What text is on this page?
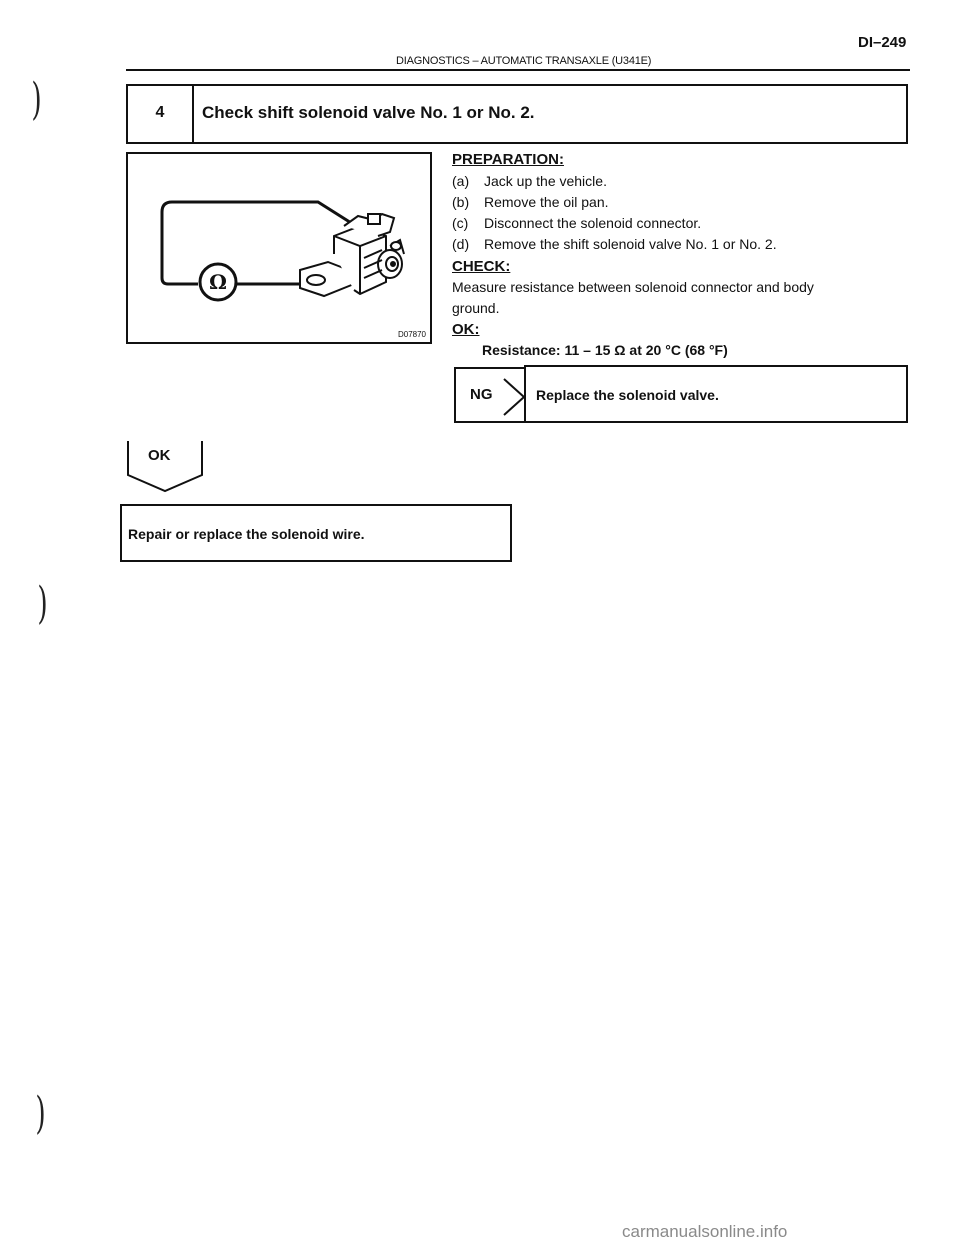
DI–249
DIAGNOSTICS – AUTOMATIC TRANSAXLE (U341E)
)
)
)
4	Check shift solenoid valve No. 1 or No. 2.
Ω
D07870
PREPARATION:
(a) Jack up the vehicle.
(b) Remove the oil pan.
(c) Disconnect the solenoid connector.
(d) Remove the shift solenoid valve No. 1 or No. 2.
CHECK:
Measure resistance between solenoid connector and body
ground.
OK:
Resistance: 11 – 15 Ω at 20 °C (68 °F)
NG	Replace the solenoid valve.
OK
Repair or replace the solenoid wire.
carmanualsonline.info
